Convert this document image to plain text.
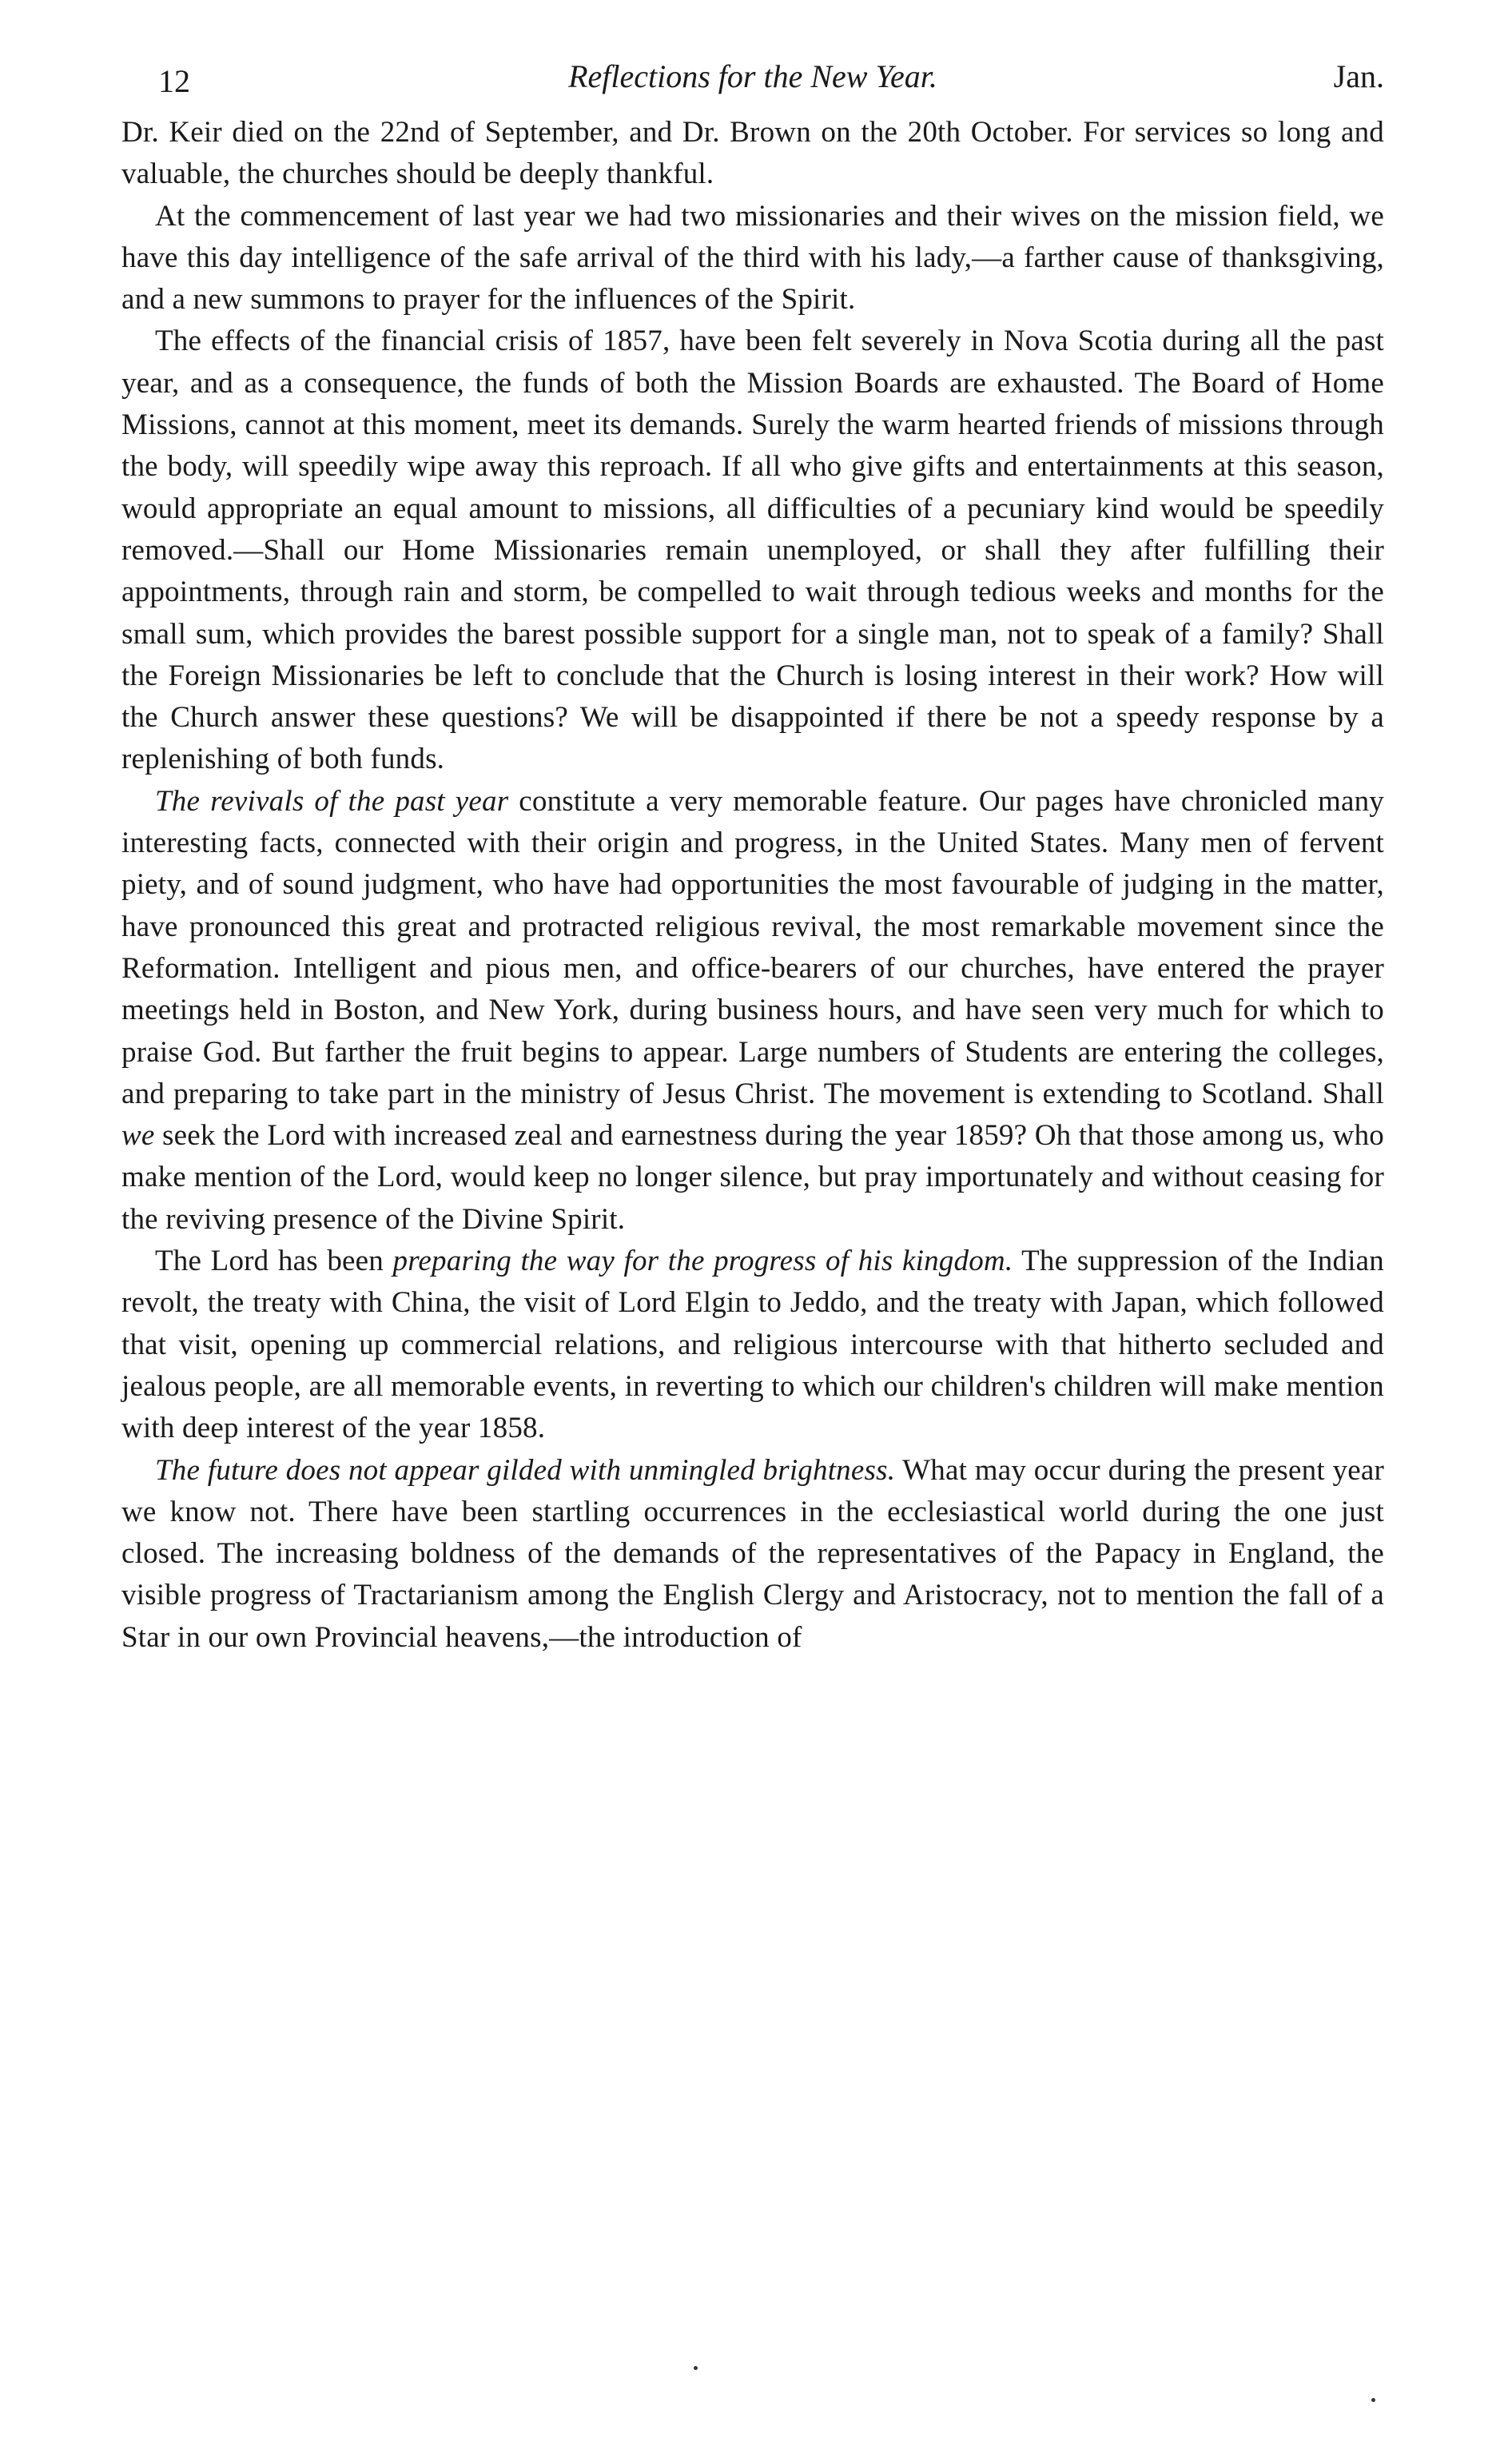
12	Reflections for the New Year.	Jan.

Dr. Keir died on the 22nd of September, and Dr. Brown on the 20th October. For services so long and valuable, the churches should be deeply thankful.

At the commencement of last year we had two missionaries and their wives on the mission field, we have this day intelligence of the safe arrival of the third with his lady,—a farther cause of thanksgiving, and a new summons to prayer for the influences of the Spirit.

The effects of the financial crisis of 1857, have been felt severely in Nova Scotia during all the past year, and as a consequence, the funds of both the Mission Boards are exhausted. The Board of Home Missions, cannot at this moment, meet its demands. Surely the warm hearted friends of missions through the body, will speedily wipe away this reproach. If all who give gifts and entertainments at this season, would appropriate an equal amount to missions, all difficulties of a pecuniary kind would be speedily removed.—Shall our Home Missionaries remain unemployed, or shall they after fulfilling their appointments, through rain and storm, be compelled to wait through tedious weeks and months for the small sum, which provides the barest possible support for a single man, not to speak of a family? Shall the Foreign Missionaries be left to conclude that the Church is losing interest in their work? How will the Church answer these questions? We will be disappointed if there be not a speedy response by a replenishing of both funds.

The revivals of the past year constitute a very memorable feature. Our pages have chronicled many interesting facts, connected with their origin and progress, in the United States. Many men of fervent piety, and of sound judgment, who have had opportunities the most favourable of judging in the matter, have pronounced this great and protracted religious revival, the most remarkable movement since the Reformation. Intelligent and pious men, and office-bearers of our churches, have entered the prayer meetings held in Boston, and New York, during business hours, and have seen very much for which to praise God. But farther the fruit begins to appear. Large numbers of Students are entering the colleges, and preparing to take part in the ministry of Jesus Christ. The movement is extending to Scotland. Shall we seek the Lord with increased zeal and earnestness during the year 1859? Oh that those among us, who make mention of the Lord, would keep no longer silence, but pray importunately and without ceasing for the reviving presence of the Divine Spirit.

The Lord has been preparing the way for the progress of his kingdom. The suppression of the Indian revolt, the treaty with China, the visit of Lord Elgin to Jeddo, and the treaty with Japan, which followed that visit, opening up commercial relations, and religious intercourse with that hitherto secluded and jealous people, are all memorable events, in reverting to which our children's children will make mention with deep interest of the year 1858.

The future does not appear gilded with unmingled brightness. What may occur during the present year we know not. There have been startling occurrences in the ecclesiastical world during the one just closed. The increasing boldness of the demands of the representatives of the Papacy in England, the visible progress of Tractarianism among the English Clergy and Aristocracy, not to mention the fall of a Star in our own Provincial heavens,—the introduction of
